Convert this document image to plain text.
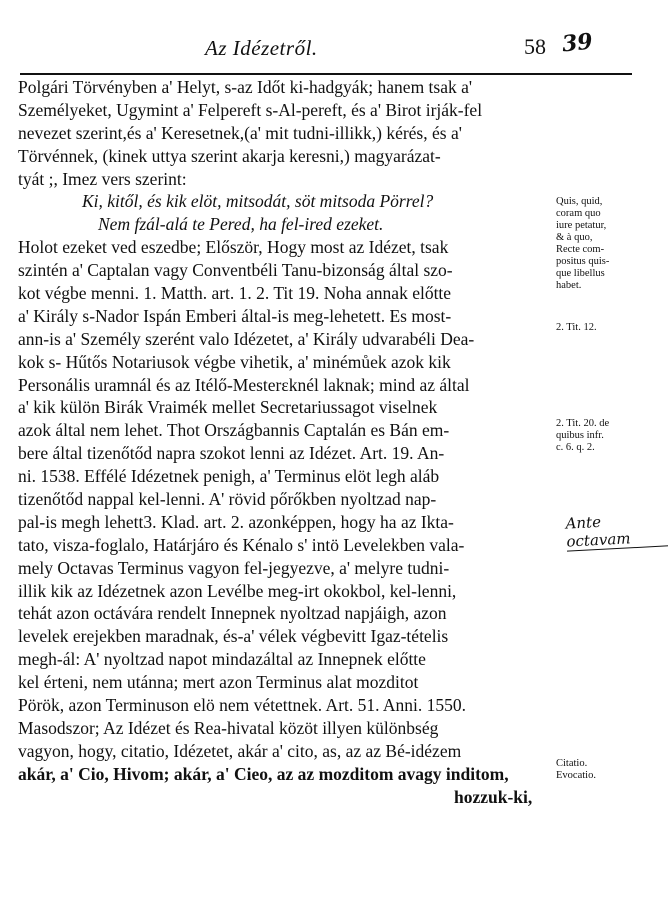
Az Idézetről.	58 39
Polgári Törvényben a' Helyt, s-az Időt ki-hadgyák; hanem tsak a'
Személyeket, Ugymint a' Felpereft s-Al-pereft, és a' Birot irják-fel
nevezet szerint,és a' Keresetnek,(a' mit tudni-illikk,) kérés, és a'
Törvénnek, (kinek uttya szerint akarja keresni,) magyarázat-
tyát ;, Imez vers szerint:
Ki, kitől, és kik elöt, mitsodát, söt mitsoda Pörrel?
Nem fzál-alá te Pered, ha fel-ired ezeket.
Holot ezeket ved eszedbe; Először, Hogy most az Idézet, tsak
szintén a' Captalan vagy Conventbéli Tanu-bizonság által szo-
kot végbe menni. 1. Matth. art. 1. 2. Tit 19. Noha annak előtte
a' Király s-Nador Ispán Emberi által-is meg-lehetett. Es most-
ann-is a' Személy szerént valo Idézetet, a' Király udvarabéli Dea-
kok s- Hűtős Notariusok végbe vihetik, a' minémůek azok kik
Personális uramnál és az Itélő-Mesterεknél laknak; mind az által
a' kik külön Birák Vraimék mellet Secretariussagot viselnek
azok által nem lehet. Thot Országbannis Captalán es Bán em-
bere által tizenőtőd napra szokot lenni az Idézet. Art. 19. An-
ni. 1538. Effélé Idézetnek penigh, a' Terminus elöt legh aláb
tizenőtőd nappal kel-lenni. A' rövid pőrőkben nyoltzad nap-
pal-is megh lehett3. Klad. art. 2. azonképpen, hogy ha az Ikta-
tato, visza-foglalo, Határjáro és Kénalo s' intö Levelekben vala-
mely Octavas Terminus vagyon fel-jegyezve, a' melyre tudni-
illik kik az Idézetnek azon Levélbe meg-irt okokbol, kel-lenni,
tehát azon octávára rendelt Innepnek nyoltzad napjáigh, azon
levelek erejekben maradnak, és-a' vélek végbevitt Igaz-tételis
megh-ál: A' nyoltzad napot mindazáltal az Innepnek előtte
kel érteni, nem utánna; mert azon Terminus alat mozditot
Pörök, azon Terminuson elö nem vétettnek. Art. 51. Anni. 1550.
Masodszor; Az Idézet és Rea-hivatal közöt illyen különbség
vagyon, hogy, citatio, Idézetet, akár a' cito, as, az az Bé-idézem
akár, a' Cio, Hivom; akár, a' Cieo, az az mozditom avagy inditom,
hozzuk-ki,
Quis, quid,
coram quo
iure petatur,
& à quo,
Recte com-
positus quis-
que libellus
habet.
2. Tit. 12.
2. Tit. 20. de
quibus infr.
c. 6. q. 2.
Citatio.
Evocatio.
Ante octavam
